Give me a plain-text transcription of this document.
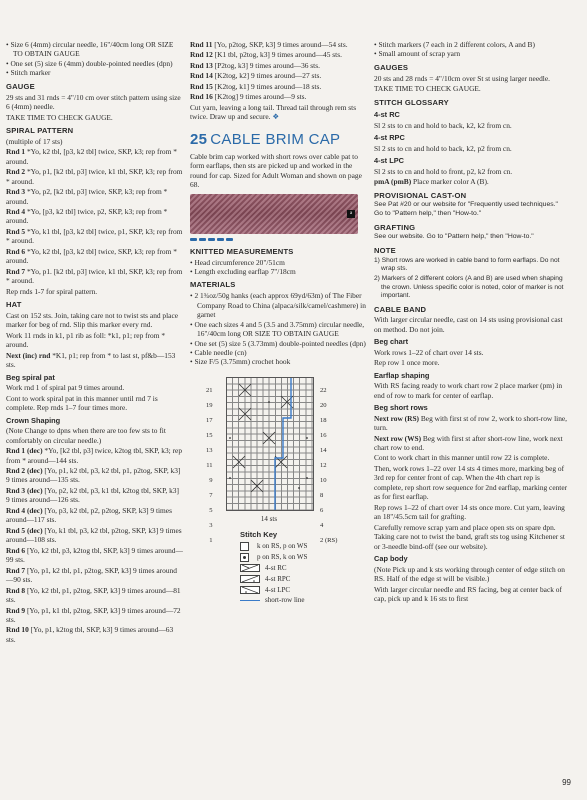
• Size 6 (4mm) circular needle, 16"/40cm long OR SIZE TO OBTAIN GAUGE
• One set (5) size 6 (4mm) double-pointed needles (dpn)
• Stitch marker
GAUGE

29 sts and 31 rnds = 4"/10 cm over stitch pattern using size 6 (4mm) needle.

TAKE TIME TO CHECK GAUGE.

SPIRAL PATTERN

(multiple of 17 sts)

Rnd 1 *Yo, k2 tbl, [p3, k2 tbl] twice, SKP, k3; rep from * around.

Rnd 2 *Yo, p1, [k2 tbl, p3] twice, k1 tbl, SKP, k3; rep from * around.

Rnd 3 *Yo, p2, [k2 tbl, p3] twice, SKP, k3; rep from * around.

Rnd 4 *Yo, [p3, k2 tbl] twice, p2, SKP, k3; rep from * around.

Rnd 5 *Yo, k1 tbl, [p3, k2 tbl] twice, p1, SKP, k3; rep from * around.

Rnd 6 *Yo, k2 tbl, [p3, k2 tbl] twice, SKP, k3; rep from * around.

Rnd 7 *Yo, p1. [k2 tbl, p3] twice, k1 tbl, SKP, k3; rep from * around.

Rep rnds 1-7 for spiral pattern.

HAT

Cast on 152 sts. Join, taking care not to twist sts and place marker for beg of rnd. Slip this marker every rnd.

Work 11 rnds in k1, p1 rib as foll: *k1, p1; rep from * around.

Next (inc) rnd *K1, p1; rep from * to last st, pf&b—153 sts.

Beg spiral pat

Work rnd 1 of spiral pat 9 times around.

Cont to work spiral pat in this manner until rnd 7 is complete. Rep rnds 1–7 four times more.

Crown Shaping

(Note Change to dpns when there are too few sts to fit comfortably on circular needle.)

Rnd 1 (dec) *Yo, [k2 tbl, p3] twice, k2tog tbl, SKP, k3; rep from * around—144 sts.

Rnd 2 (dec) [Yo, p1, k2 tbl, p3, k2 tbl, p1, p2tog, SKP, k3] 9 times around—135 sts.

Rnd 3 (dec) [Yo, p2, k2 tbl, p3, k1 tbl, k2tog tbl, SKP, k3] 9 times around—126 sts.

Rnd 4 (dec) [Yo, p3, k2 tbl, p2, p2tog, SKP, k3] 9 times around—117 sts.

Rnd 5 (dec) [Yo, k1 tbl, p3, k2 tbl, p2tog, SKP, k3] 9 times around—108 sts.

Rnd 6 [Yo, k2 tbl, p3, k2tog tbl, SKP, k3] 9 times around—99 sts.

Rnd 7 [Yo, p1, k2 tbl, p1, p2tog, SKP, k3] 9 times around—90 sts.

Rnd 8 [Yo, k2 tbl, p1, p2tog, SKP, k3] 9 times around—81 sts.

Rnd 9 [Yo, p1, k1 tbl, p2tog, SKP, k3] 9 times around—72 sts.

Rnd 10 [Yo, p1, k2tog tbl, SKP, k3] 9 times around—63 sts.

Rnd 11 [Yo, p2tog, SKP, k3] 9 times around—54 sts.

Rnd 12 [K1 tbl, p2tog, k3] 9 times around—45 sts.

Rnd 13 [P2tog, k3] 9 times around—36 sts.

Rnd 14 [K2tog, k2] 9 times around—27 sts.

Rnd 15 [K2tog, k1] 9 times around—18 sts.

Rnd 16 [K2tog] 9 times around—9 sts.

Cut yarn, leaving a long tail. Thread tail through rem sts twice. Draw up and secure. ❖

25 CABLE BRIM CAP

Cable brim cap worked with short rows over cable pat to form earflaps, then sts are picked up and worked in the round for cap. Sized for Adult Woman and shown on page 68.

a
KNITTED MEASUREMENTS
• Head circumference 20"/51cm
• Length excluding earflap 7"/18cm
MATERIALS
• 2 1¾oz/50g hanks (each approx 69yd/63m) of The Fiber Company Road to China (alpaca/silk/camel/cashmere) in garnet
• One each sizes 4 and 5 (3.5 and 3.75mm) circular needle, 16"/40cm long OR SIZE TO OBTAIN GAUGE
• One set (5) size 5 (3.73mm) double-pointed needles (dpn)
• Cable needle (cn)
• Size F/5 (3.75mm) crochet hook
21
19
17
15
13
11
9
7
5
3
1
22
20
18
16
14
12
10
8
6
4
2 (RS)
14 sts
Stitch Key
k on RS, p on WS
p on RS, k on WS
4-st RC
4-st RPC
4-st LPC
short-row line
• Stitch markers (7 each in 2 different colors, A and B)
• Small amount of scrap yarn
GAUGES

20 sts and 28 rnds = 4"/10cm over St st using larger needle.

TAKE TIME TO CHECK GAUGE.

STITCH GLOSSARY
4-st RC

Sl 2 sts to cn and hold to back, k2, k2 from cn.

4-st RPC

Sl 2 sts to cn and hold to back, k2, p2 from cn.

4-st LPC

Sl 2 sts to cn and hold to front, p2, k2 from cn.

pmA (pmB) Place marker color A (B).

PROVISIONAL CAST-ON

See Pat #20 or our website for "Frequently used techniques." Go to "Pattern help," then "How-to."

GRAFTING

See our website. Go to "Pattern help," then "How-to."

NOTE

1) Short rows are worked in cable band to form earflaps. Do not wrap sts.

2) Markers of 2 different colors (A and B) are used when shaping the crown. Unless specific color is noted, color of marker is not important.

CABLE BAND

With larger circular needle, cast on 14 sts using provisional cast on method. Do not join.

Beg chart

Work rows 1–22 of chart over 14 sts.

Rep row 1 once more.

Earflap shaping

With RS facing ready to work chart row 2 place marker (pm) in end of row to mark for center of earflap.

Beg short rows

Next row (RS) Beg with first st of row 2, work to short-row line, turn.

Next row (WS) Beg with first st after short-row line, work next chart row to end.

Cont to work chart in this manner until row 22 is complete.

Then, work rows 1–22 over 14 sts 4 times more, marking beg of 3rd rep for center front of cap. When the 4th chart rep is complete, rep short row sequence for 2nd earflap, marking center as for first earflap.

Rep rows 1–22 of chart over 14 sts once more. Cut yarn, leaving an 18"/45.5cm tail for grafting.

Carefully remove scrap yarn and place open sts on spare dpn. Taking care not to twist the band, graft sts tog using Kitchener st or 3-needle bind-off (see our website).

Cap body

(Note Pick up and k sts working through center of edge stitch on RS. Half of the edge st will be visible.)

With larger circular needle and RS facing, beg at center back of cap, pick up and k 16 sts to first

99
